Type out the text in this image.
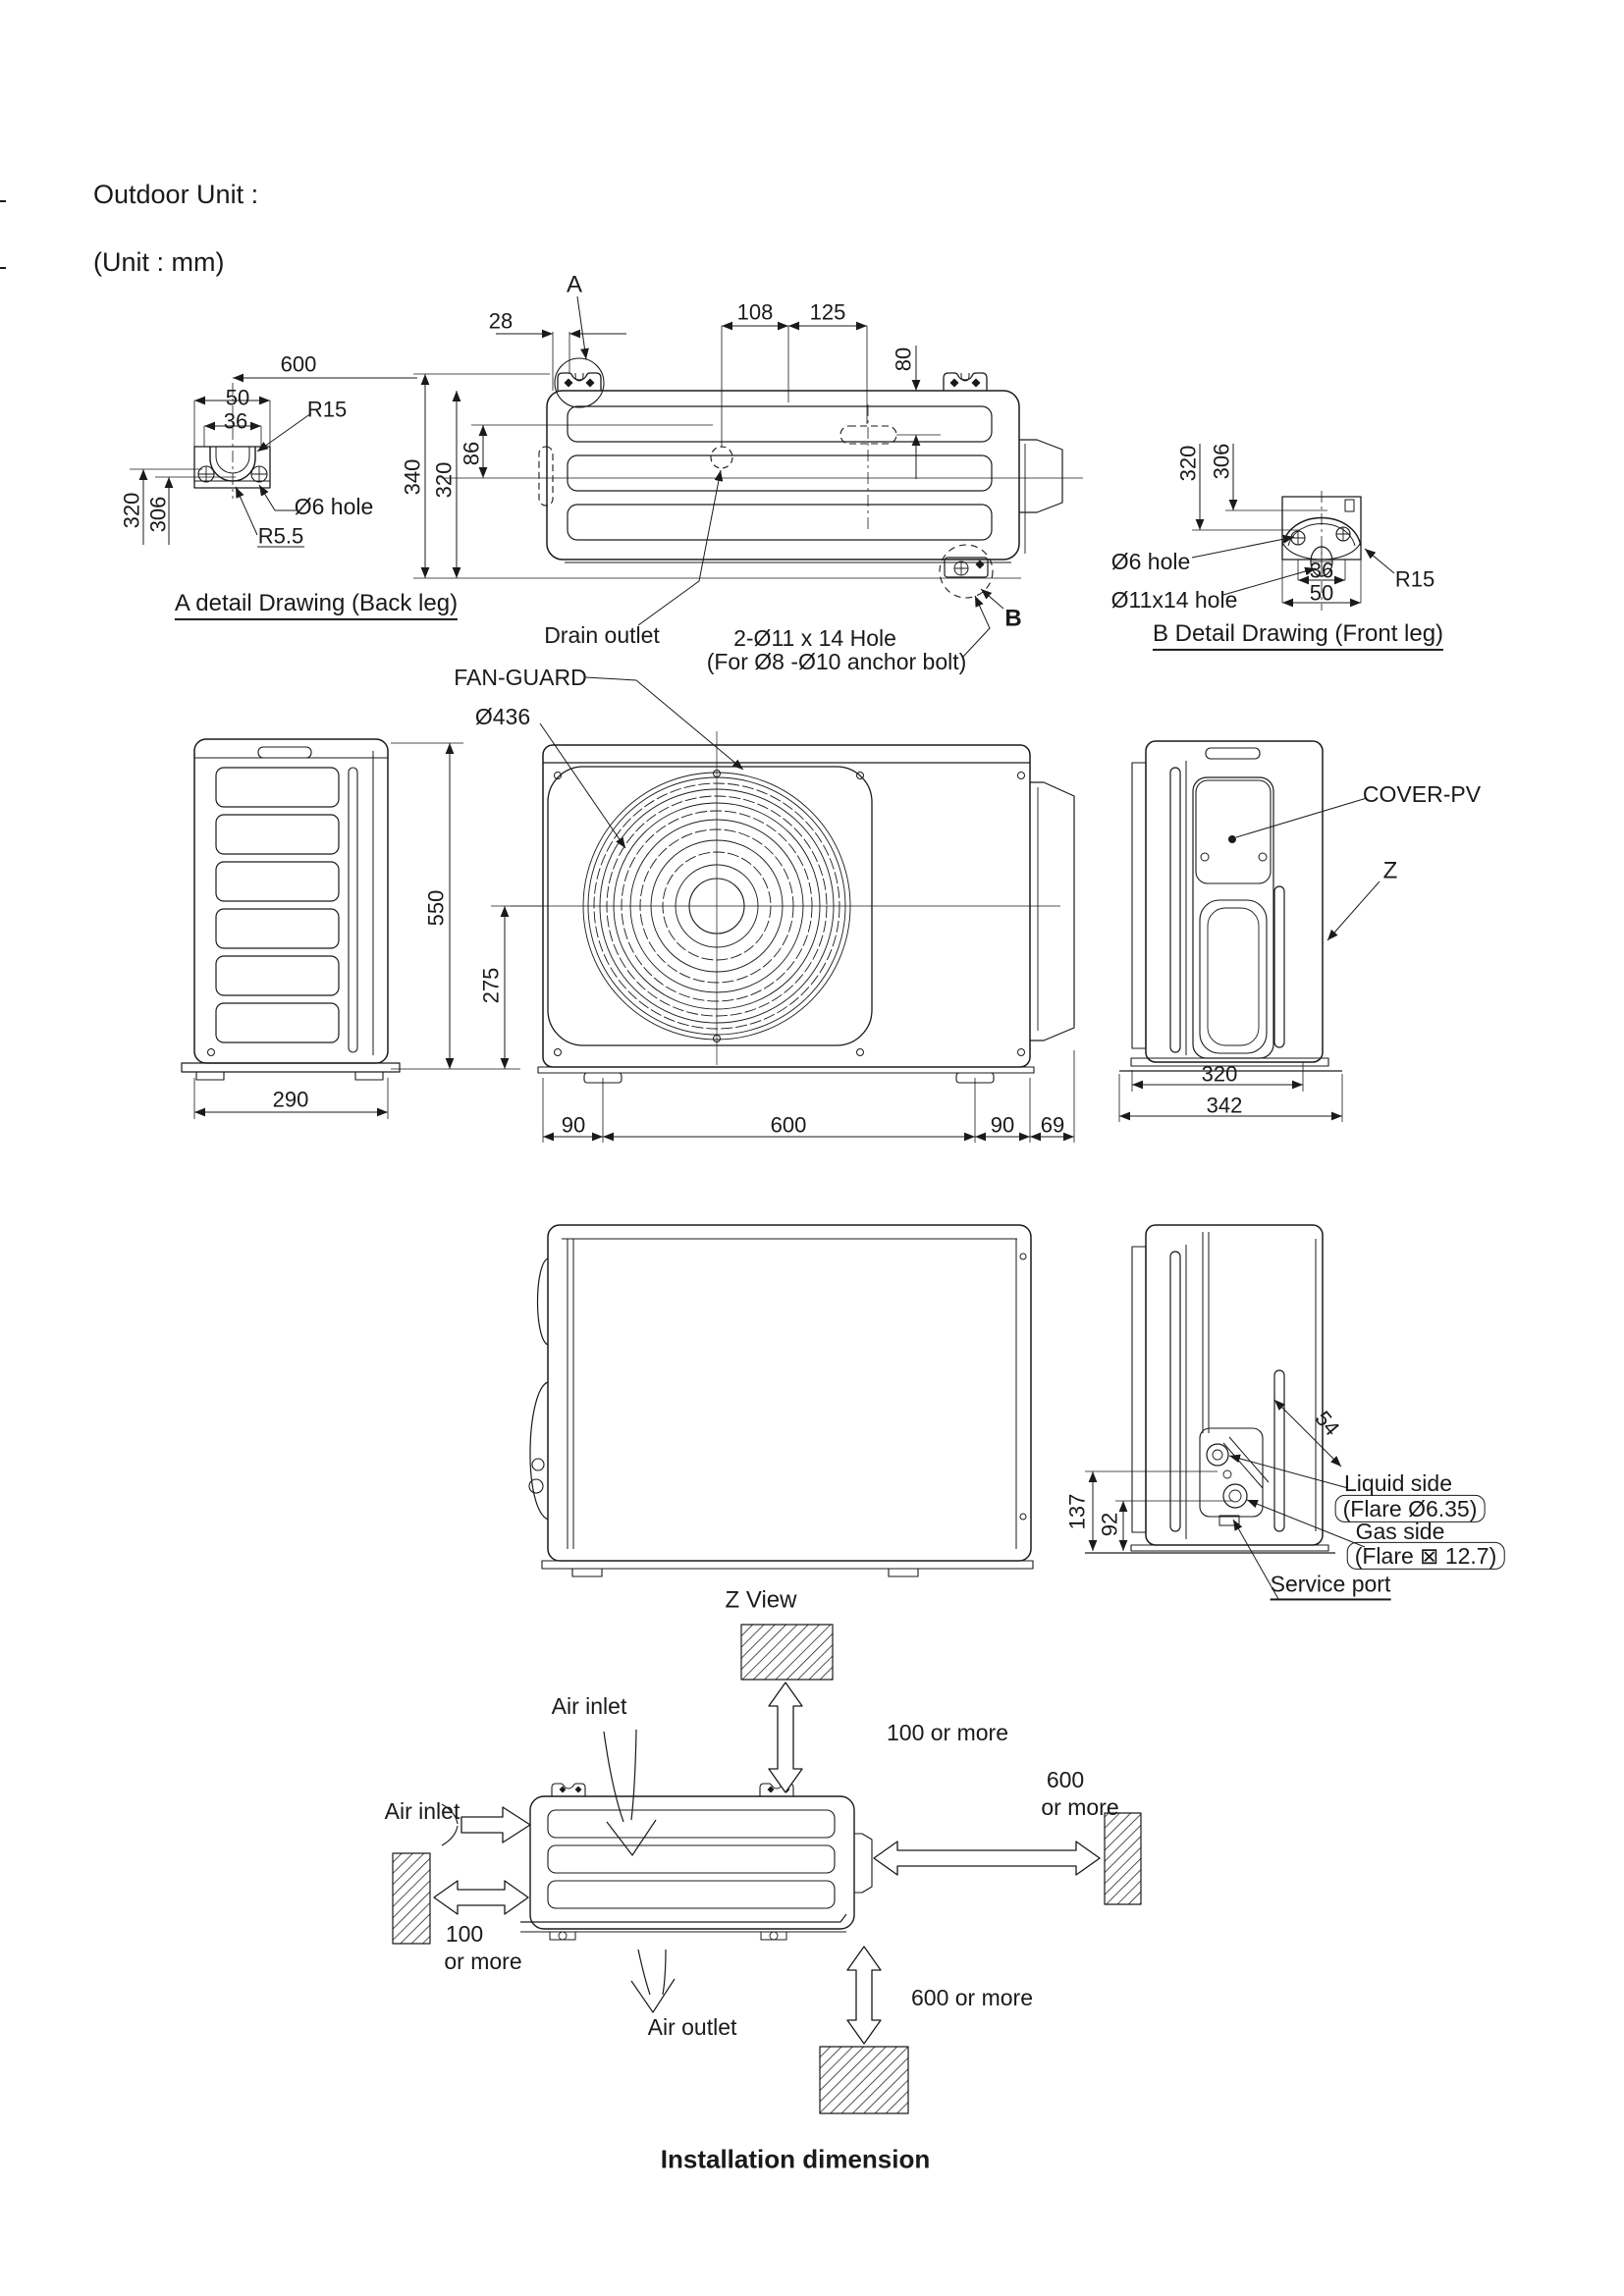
Outdoor Unit :
(Unit : mm)
A
28	108 125
80
86
340 320
600
B
Drain outlet	2-Ø11 x 14 Hole
(For Ø8 -Ø10 anchor bolt)
50
36	R15
320 306	Ø6 hole
R5.5
A detail Drawing (Back leg)
320 306
Ø6 hole
Ø11x14 hole
36
50
R15
B Detail Drawing (Front leg)
FAN-GUARD
Ø436
550
275
290
90	600	90 69
COVER-PV
Z
320
342
Z View
137 92
54
Liquid side
(Flare Ø6.35)
Gas side
(Flare ⊠ 12.7)
Service port
Air inlet
100 or more
Air inlet
600
or more
100
or more
600 or more
Air outlet
Installation dimension
